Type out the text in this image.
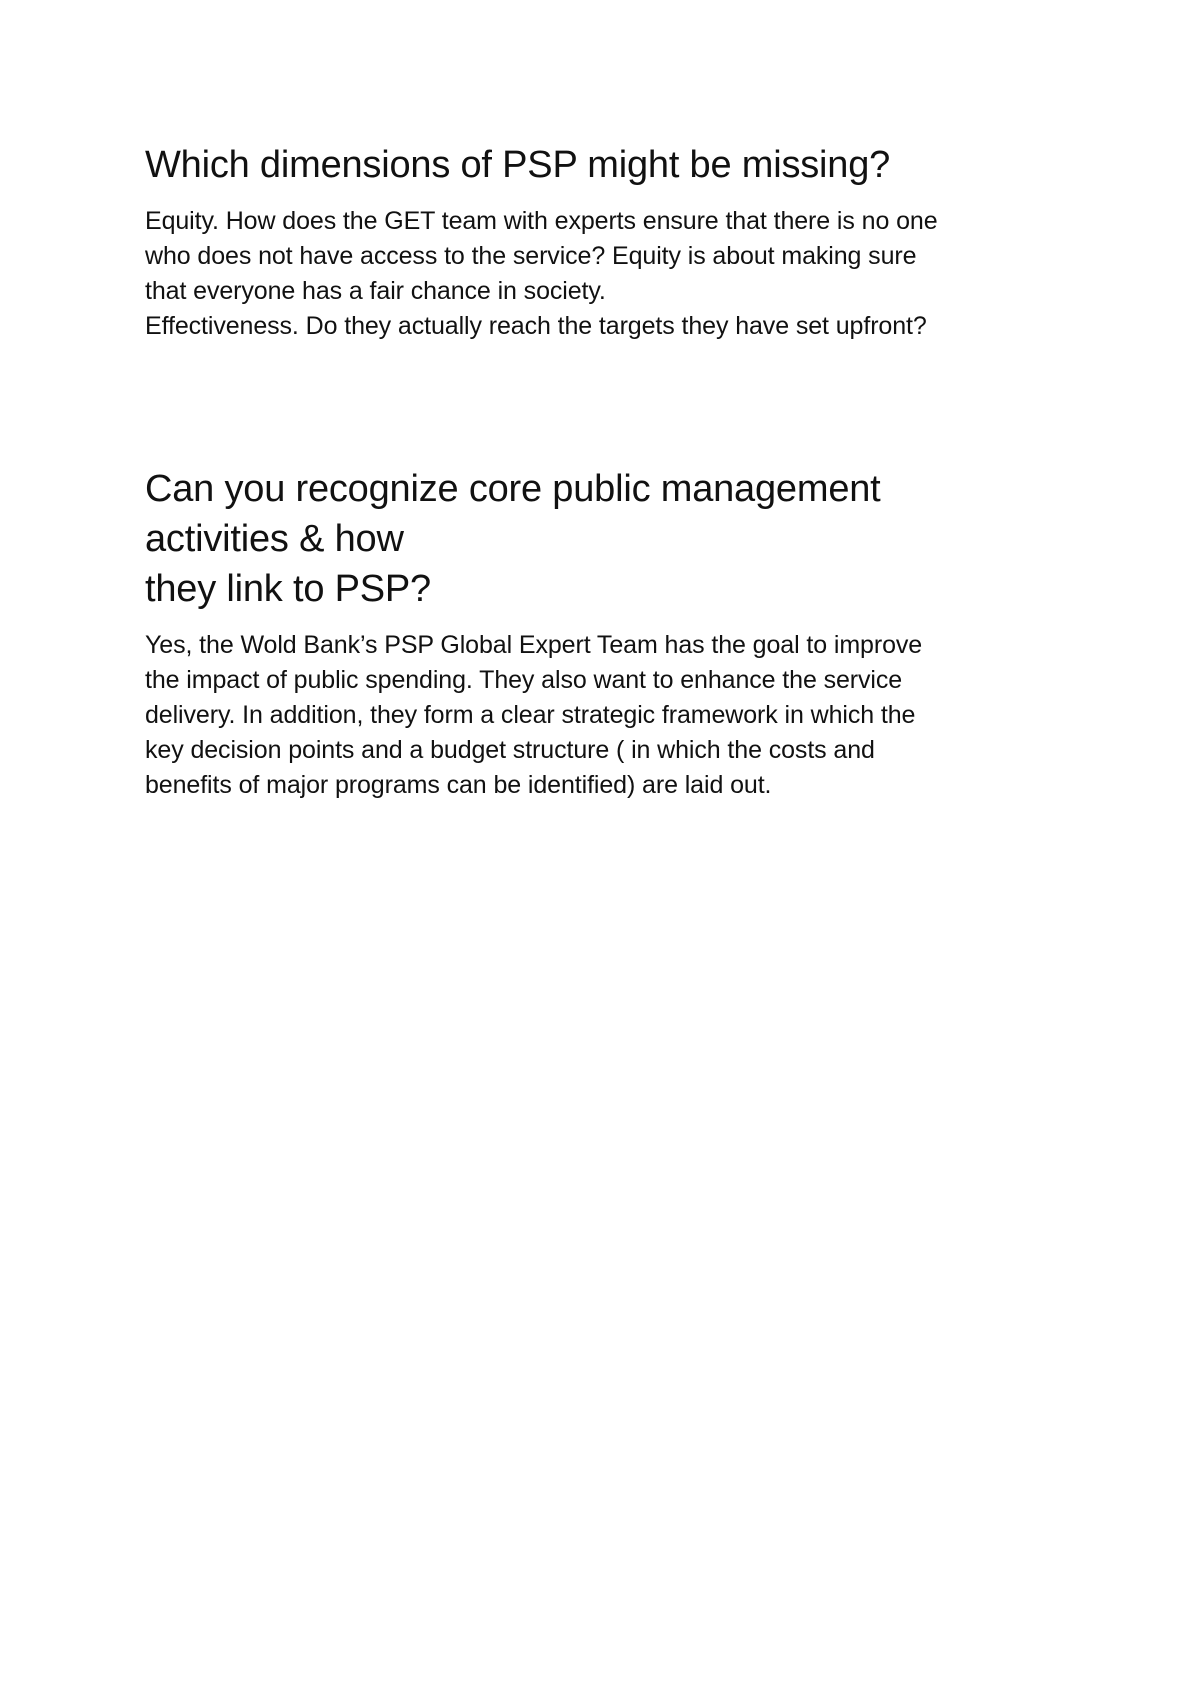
Which dimensions of PSP might be missing?

Equity. How does the GET team with experts ensure that there is no one
who does not have access to the service? Equity is about making sure
that everyone has a fair chance in society.
Effectiveness. Do they actually reach the targets they have set upfront?

Can you recognize core public management
activities & how
they link to PSP?

Yes, the Wold Bank’s PSP Global Expert Team has the goal to improve
the impact of public spending. They also want to enhance the service
delivery. In addition, they form a clear strategic framework in which the
key decision points and a budget structure ( in which the costs and
benefits of major programs can be identified) are laid out.
